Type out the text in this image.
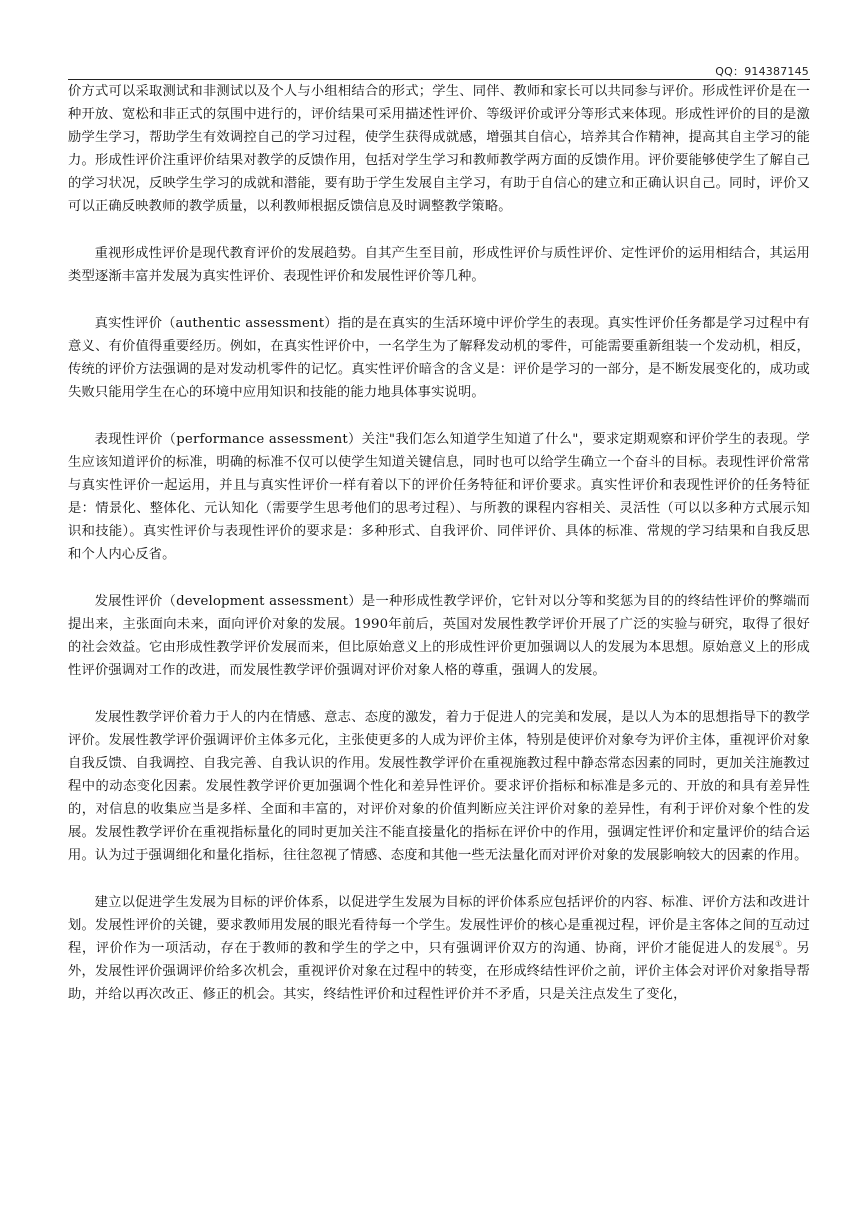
QQ：914387145

价方式可以采取测试和非测试以及个人与小组相结合的形式；学生、同伴、教师和家长可以共同参与评价。形成性评价是在一种开放、宽松和非正式的氛围中进行的，评价结果可采用描述性评价、等级评价或评分等形式来体现。形成性评价的目的是激励学生学习，帮助学生有效调控自己的学习过程，使学生获得成就感，增强其自信心，培养其合作精神，提高其自主学习的能力。形成性评价注重评价结果对教学的反馈作用，包括对学生学习和教师教学两方面的反馈作用。评价要能够使学生了解自己的学习状况，反映学生学习的成就和潜能，要有助于学生发展自主学习，有助于自信心的建立和正确认识自己。同时，评价又可以正确反映教师的教学质量，以利教师根据反馈信息及时调整教学策略。

重视形成性评价是现代教育评价的发展趋势。自其产生至目前，形成性评价与质性评价、定性评价的运用相结合，其运用类型逐渐丰富并发展为真实性评价、表现性评价和发展性评价等几种。

真实性评价（authentic assessment）指的是在真实的生活环境中评价学生的表现。真实性评价任务都是学习过程中有意义、有价值得重要经历。例如，在真实性评价中，一名学生为了解释发动机的零件，可能需要重新组装一个发动机，相反，传统的评价方法强调的是对发动机零件的记忆。真实性评价暗含的含义是：评价是学习的一部分，是不断发展变化的，成功或失败只能用学生在心的环境中应用知识和技能的能力地具体事实说明。

表现性评价（performance assessment）关注"我们怎么知道学生知道了什么"，要求定期观察和评价学生的表现。学生应该知道评价的标准，明确的标准不仅可以使学生知道关键信息，同时也可以给学生确立一个奋斗的目标。表现性评价常常与真实性评价一起运用，并且与真实性评价一样有着以下的评价任务特征和评价要求。真实性评价和表现性评价的任务特征是：情景化、整体化、元认知化（需要学生思考他们的思考过程）、与所教的课程内容相关、灵活性（可以以多种方式展示知识和技能）。真实性评价与表现性评价的要求是：多种形式、自我评价、同伴评价、具体的标准、常规的学习结果和自我反思和个人内心反省。

发展性评价（development assessment）是一种形成性教学评价，它针对以分等和奖惩为目的的终结性评价的弊端而提出来，主张面向未来，面向评价对象的发展。1990年前后，英国对发展性教学评价开展了广泛的实验与研究，取得了很好的社会效益。它由形成性教学评价发展而来，但比原始意义上的形成性评价更加强调以人的发展为本思想。原始意义上的形成性评价强调对工作的改进，而发展性教学评价强调对评价对象人格的尊重，强调人的发展。

发展性教学评价着力于人的内在情感、意志、态度的激发，着力于促进人的完美和发展，是以人为本的思想指导下的教学评价。发展性教学评价强调评价主体多元化，主张使更多的人成为评价主体，特别是使评价对象夸为评价主体，重视评价对象自我反馈、自我调控、自我完善、自我认识的作用。发展性教学评价在重视施教过程中静态常态因素的同时，更加关注施教过程中的动态变化因素。发展性教学评价更加强调个性化和差异性评价。要求评价指标和标准是多元的、开放的和具有差异性的，对信息的收集应当是多样、全面和丰富的，对评价对象的价值判断应关注评价对象的差异性，有利于评价对象个性的发展。发展性教学评价在重视指标量化的同时更加关注不能直接量化的指标在评价中的作用，强调定性评价和定量评价的结合运用。认为过于强调细化和量化指标，往往忽视了情感、态度和其他一些无法量化而对评价对象的发展影响较大的因素的作用。

建立以促进学生发展为目标的评价体系，以促进学生发展为目标的评价体系应包括评价的内容、标准、评价方法和改进计划。发展性评价的关键，要求教师用发展的眼光看待每一个学生。发展性评价的核心是重视过程，评价是主客体之间的互动过程，评价作为一项活动，存在于教师的教和学生的学之中，只有强调评价双方的沟通、协商，评价才能促进人的发展①。另外，发展性评价强调评价给多次机会，重视评价对象在过程中的转变，在形成终结性评价之前，评价主体会对评价对象指导帮助，并给以再次改正、修正的机会。其实，终结性评价和过程性评价并不矛盾，只是关注点发生了变化，
